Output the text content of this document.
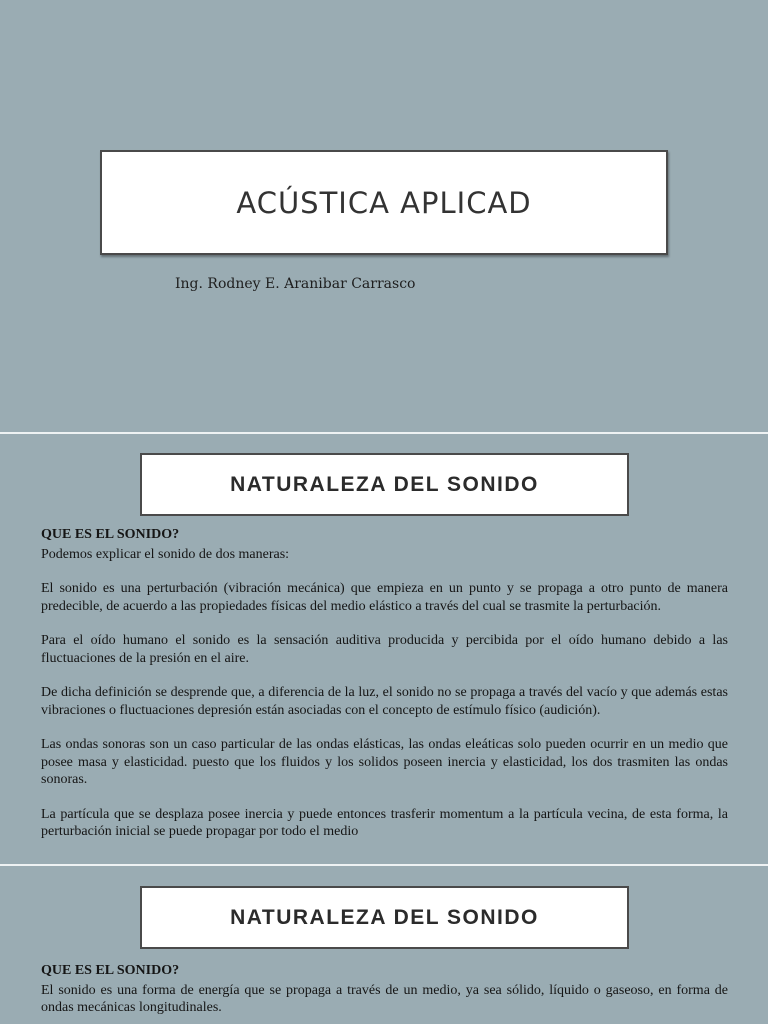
ACÚSTICA APLICAD
Ing. Rodney E. Aranibar Carrasco
NATURALEZA DEL SONIDO
QUE ES EL SONIDO?

Podemos explicar el sonido de dos maneras:

El sonido es una perturbación (vibración mecánica) que empieza en un punto y se propaga a otro punto de manera predecible, de acuerdo a las propiedades físicas del medio elástico a través del cual se trasmite la perturbación.

Para el oído humano el sonido es la sensación auditiva producida y percibida por el oído humano debido a las fluctuaciones de la presión en el aire.

De dicha definición se desprende que, a diferencia de la luz, el sonido no se propaga a través del vacío y que además estas vibraciones o fluctuaciones depresión están asociadas con el concepto de estímulo físico (audición).

Las ondas sonoras son un caso particular de las ondas elásticas, las ondas eleáticas solo pueden ocurrir en un medio que posee masa y elasticidad. puesto que los fluidos y los solidos poseen inercia y elasticidad, los dos trasmiten las ondas sonoras.

La partícula que se desplaza posee inercia y puede entonces trasferir momentum a la partícula vecina, de esta forma, la perturbación inicial se puede propagar por todo el medio

NATURALEZA DEL SONIDO
QUE ES EL SONIDO?

El sonido es una forma de energía que se propaga a través de un medio, ya sea sólido, líquido o gaseoso, en forma de ondas mecánicas longitudinales.
